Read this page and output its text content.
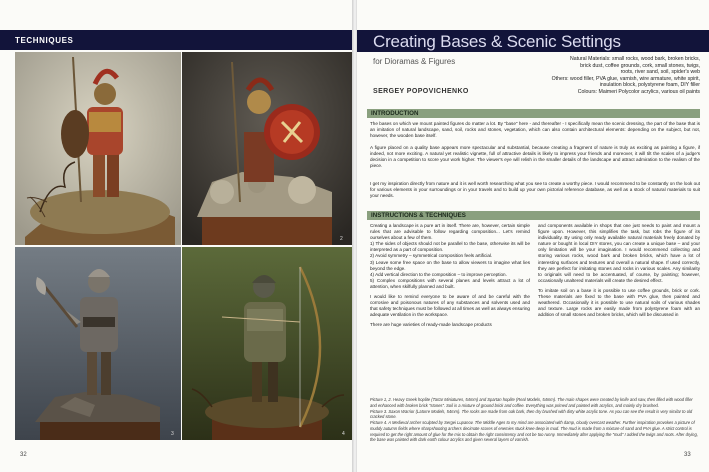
TECHNIQUES
2
3	4
32
Creating Bases & Scenic Settings
for Dioramas & Figures	Natural Materials: small rocks, wood bark, broken bricks,
brick dust, coffee grounds, cork, small stones, twigs,
roots, river sand, soil, spider's web
Others: wood filler, PVA glue, varnish, wire armature, white spirit,
insulation block, polystyrene foam, DIY filler
Colours: Maimeri Polycolor acrylics, various oil paints
SERGEY POPOVICHENKO
INTRODUCTION
The bases on which we mount painted figures do matter a lot. By "base" here - and thereafter - I specifically mean the scenic dressing, the part of the base that is an imitation of natural landscape, sand, soil, rocks and stones, vegetation, which can also contain architectural elements: depending on the subject, but not, however, the wooden base itself.
A figure placed on a quality base appears more spectacular and substantial, because creating a fragment of nature is truly as exciting as painting a figure, if indeed, not more exciting. A natural yet realistic vignette, full of attractive details is likely to impress your friends and moreover, it will tilt the scales of a judge's decision in a competition to score your work higher. The viewer's eye will relish in the smaller details of the landscape and attract admiration to the realism of the piece.
I get my inspiration directly from nature and it is well worth researching what you see to create a worthy piece. I would recommend to be constantly on the look out for various elements in your surroundings or in your travels and to build up your own pictorial reference database, as well as a stock of natural materials to suit your needs.
INSTRUCTIONS & TECHNIQUES
Creating a landscape is a pure art in itself. There are, however, certain simple rules that are advisable to follow regarding composition... Let's remind ourselves about a few of them.
1) The sides of objects should not be parallel to the base, otherwise its will be interpreted as a part of composition.
2) Avoid symmetry – symmetrical composition feels artificial.
3) Leave some free space on the base to allow viewers to imagine what lies beyond the edge.
4) Add vertical direction to the composition – to improve perception.
5) Complex compositions with several planes and levels attract a lot of attention, when skilfully planned and built.
I would like to remind everyone to be aware of and be careful with the corrosive and poisonous natures of any substances and solvents used and that safety techniques must be followed at all times as well as always ensuring adequate ventilation in the workspace.
There are huge varieties of ready-made landscape products
and components available in shops that one just needs to paint and mount a figure upon. However, this simplifies the task, but robs the figure of its individuality. By using only ready available natural materials freely donated by nature or bought in local DIY stores, you can create a unique base – and your only limitation will be your imagination. I would recommend collecting and storing various rocks, wood bark and broken bricks, which have a lot of interesting surfaces and textures and overall a natural shape. If used correctly, they are perfect for imitating stones and rocks in various scales. Any similarity to originals will need to be accentuated, of course, by painting; however, occasionally unaltered materials will create the desired effect.
To imitate soil on a base it is possible to use coffee grounds, brick or cork. These materials are fixed to the base with PVA glue, then painted and weathered. Occasionally it is possible to use natural soils of various shades and texture. Large rocks are easily made from polystyrene foam with an addition of small stones and broken bricks, which will be discussed in
Picture 1, 2. Heavy Greek hoplite (Tartar Miniatures, 54mm) and Spartan hoplite (Real Models, 54mm). The main shapes were created by knife and saw, then filled with wood filler and enhanced with broken brick "stones". Soil is a mixture of ground brick and coffee. Everything was primed and painted with acrylics, and mainly dry brushed.
Picture 3. Saxon Warrior (Latorre Models, 54mm). The rocks are made from oak bark, then dry brushed with dirty white acrylic tone. As you can see the result is very similar to old cracked stone.
Picture 4. A Medieval archer sculpted by Sergei Lupanov. The Middle Ages to my mind are associated with damp, cloudy overcast weather. Further inspiration provokes a picture of muddy autumn fields where sharpshooting archers decimate scores of enemies stuck knee deep in mud. The mud is made from a mixture of sand and PVA glue. A strict control is required to get the right amount of glue for the mix to obtain the right consistency and not be too runny. Immediately after applying the "mud" I added the twigs and roots. After drying, the base was painted with dark earth colour acrylics and given several layers of varnish.
33
